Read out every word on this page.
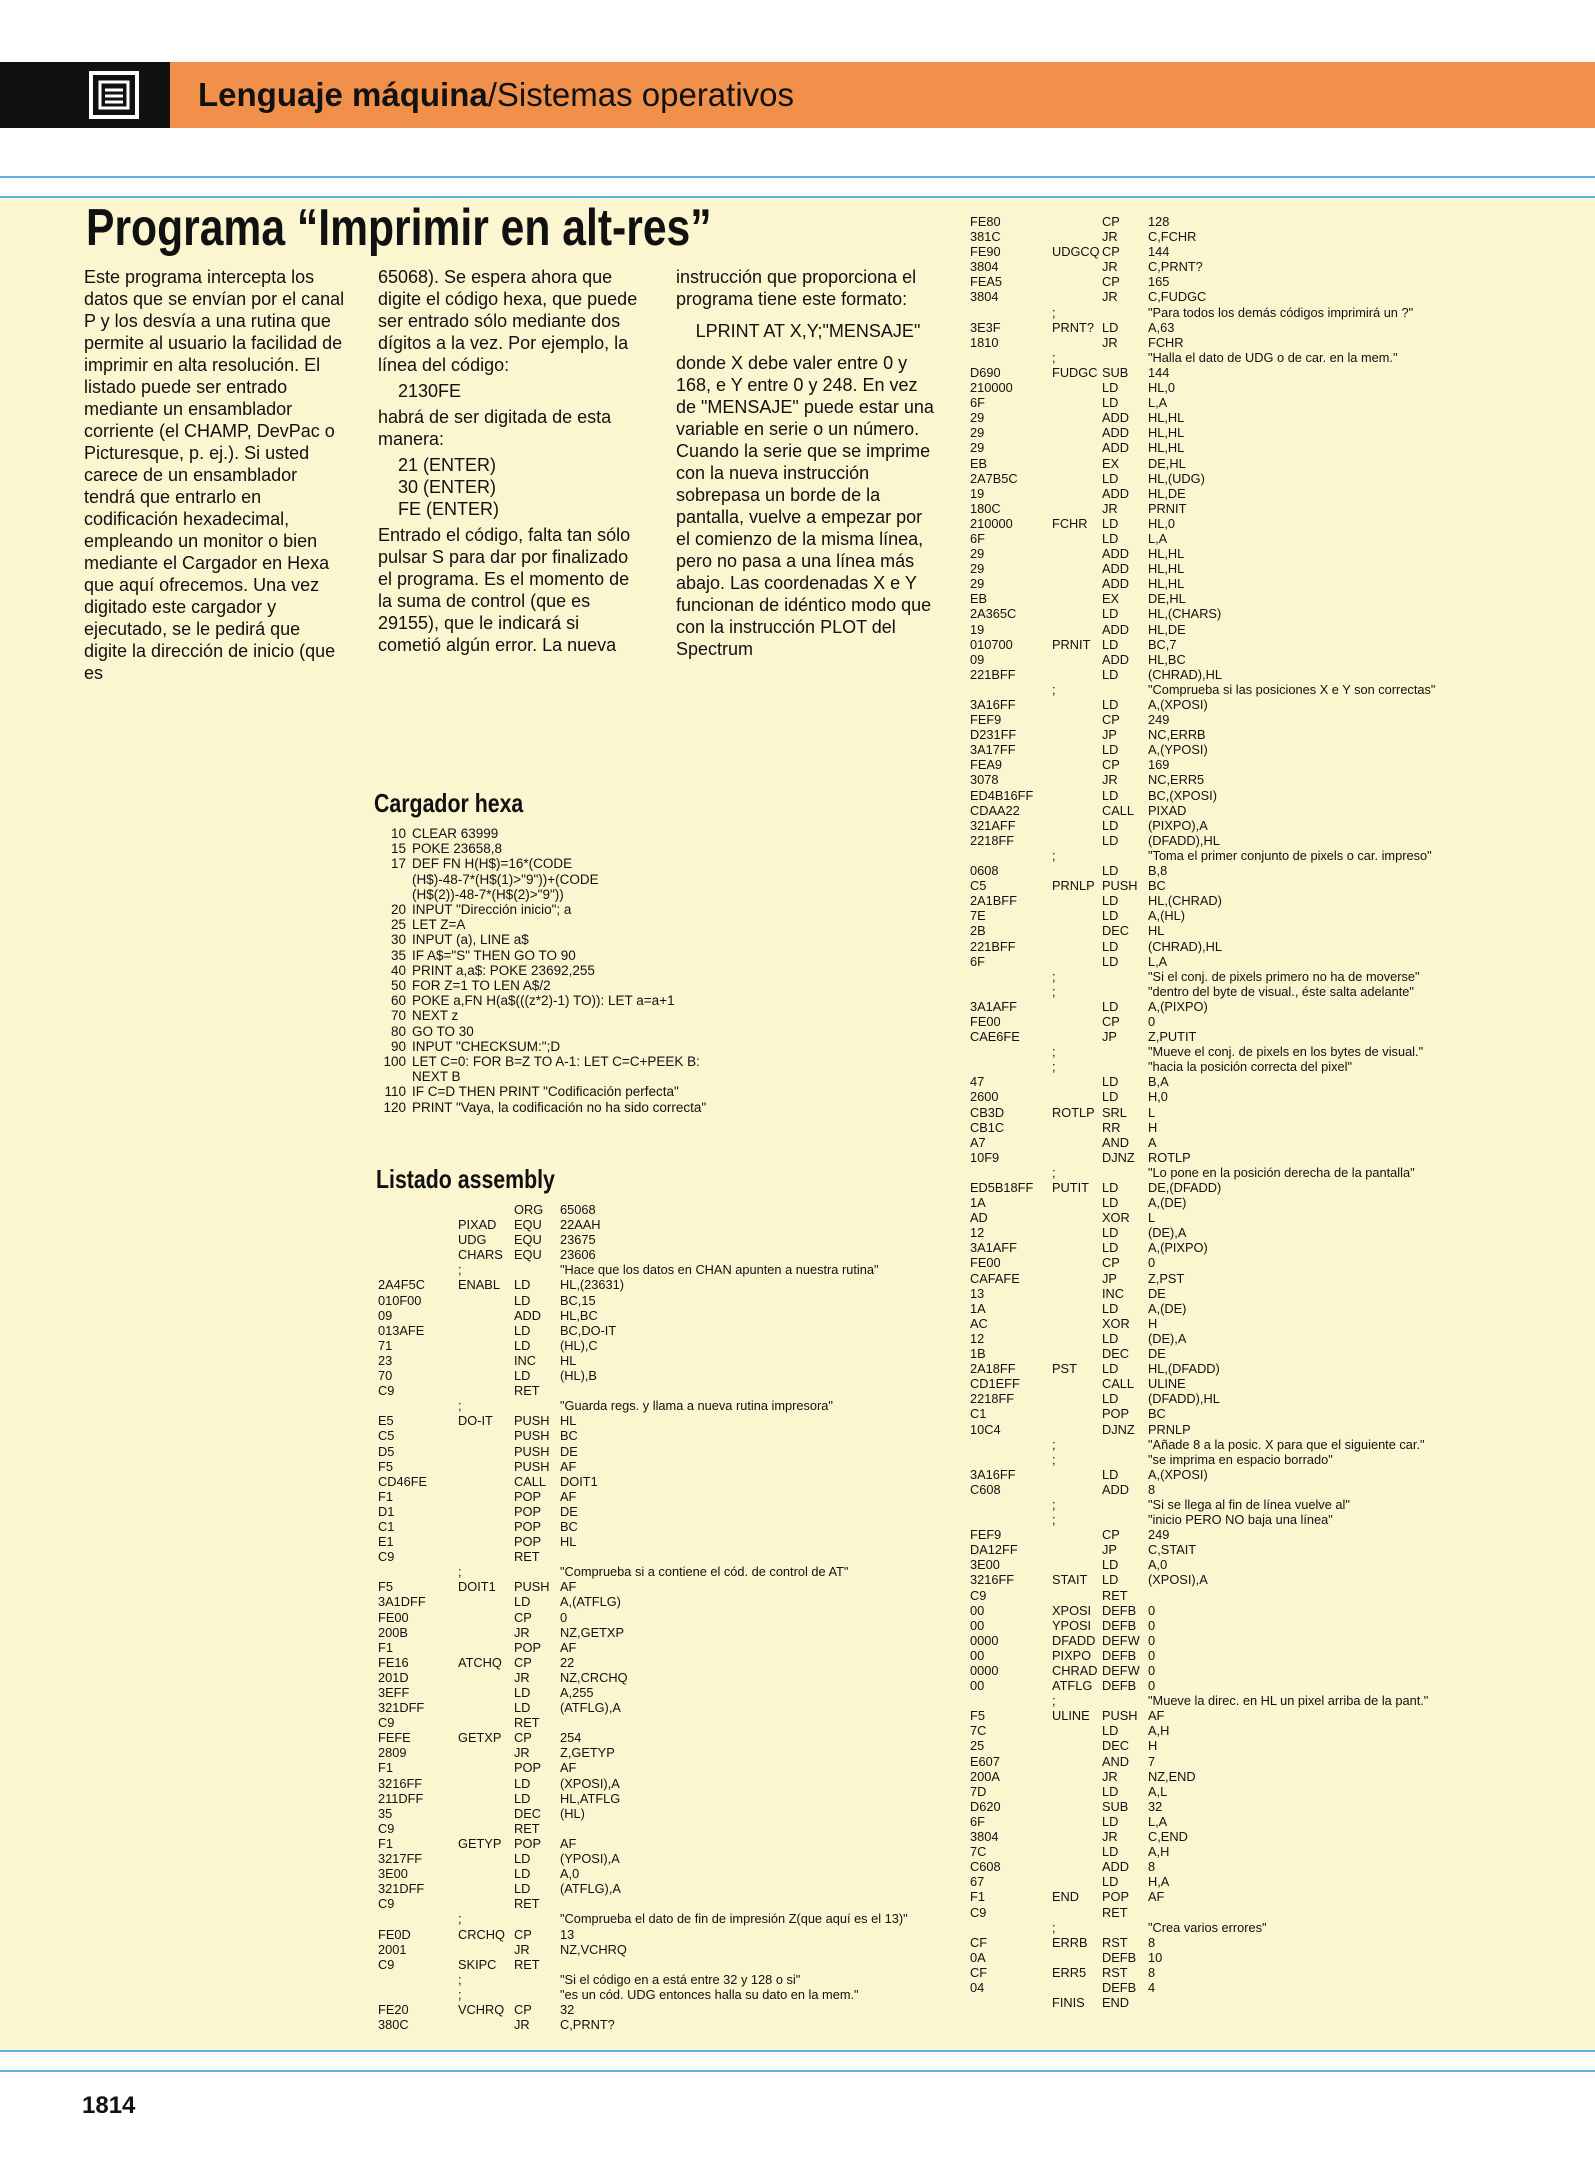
Lenguaje máquina/Sistemas operativos
Programa “Imprimir en alt-res”

Este programa intercepta los datos que se envían por el canal P y los desvía a una rutina que permite al usuario la facilidad de imprimir en alta resolución. El listado puede ser entrado mediante un ensamblador corriente (el CHAMP, DevPac o Picturesque, p. ej.). Si usted carece de un ensamblador tendrá que entrarlo en codificación hexadecimal, empleando un monitor o bien mediante el Cargador en Hexa que aquí ofrecemos. Una vez digitado este cargador y ejecutado, se le pedirá que digite la dirección de inicio (que es

65068). Se espera ahora que digite el código hexa, que puede ser entrado sólo mediante dos dígitos a la vez. Por ejemplo, la línea del código:

2130FE

habrá de ser digitada de esta manera:

21 (ENTER)

30 (ENTER)

FE (ENTER)

Entrado el código, falta tan sólo pulsar S para dar por finalizado el programa. Es el momento de la suma de control (que es 29155), que le indicará si cometió algún error. La nueva

instrucción que proporciona el programa tiene este formato:

LPRINT AT X,Y;"MENSAJE"

donde X debe valer entre 0 y 168, e Y entre 0 y 248. En vez de "MENSAJE" puede estar una variable en serie o un número. Cuando la serie que se imprime con la nueva instrucción sobrepasa un borde de la pantalla, vuelve a empezar por el comienzo de la misma línea, pero no pasa a una línea más abajo. Las coordenadas X e Y funcionan de idéntico modo que con la instrucción PLOT del Spectrum

Cargador hexa
10 CLEAR 63999
15 POKE 23658,8
17 DEF FN H(H$)=16*(CODE
(H$)-48-7*(H$(1)>"9"))+(CODE
(H$(2))-48-7*(H$(2)>"9"))
20 INPUT "Dirección inicio"; a
25 LET Z=A
30 INPUT (a), LINE a$
35 IF A$="S" THEN GO TO 90
40 PRINT a,a$: POKE 23692,255
50 FOR Z=1 TO LEN A$/2
60 POKE a,FN H(a$(((z*2)-1) TO)): LET a=a+1
70 NEXT z
80 GO TO 30
90 INPUT "CHECKSUM:";D
100 LET C=0: FOR B=Z TO A-1: LET C=C+PEEK B:
NEXT B
110 IF C=D THEN PRINT "Codificación perfecta"
120 PRINT "Vaya, la codificación no ha sido correcta"
Listado assembly
ORG 65068
PIXAD EQU 22AAH
UDG EQU 23675
CHARS EQU 23606
;	"Hace que los datos en CHAN apunten a nuestra rutina"
2A4F5C	ENABL LD HL,(23631)
010F00	LD BC,15
09	ADD HL,BC
013AFE	LD BC,DO-IT
71	LD (HL),C
23	INC HL
70	LD (HL),B
C9	RET
;	"Guarda regs. y llama a nueva rutina impresora"
E5	DO-IT PUSH HL
C5	PUSH BC
D5	PUSH DE
F5	PUSH AF
CD46FE	CALL DOIT1
F1	POP AF
D1	POP DE
C1	POP BC
E1	POP HL
C9	RET
;	"Comprueba si a contiene el cód. de control de AT"
F5	DOIT1 PUSH AF
3A1DFF	LD A,(ATFLG)
FE00	CP 0
200B	JR NZ,GETXP
F1	POP AF
FE16	ATCHQ CP 22
201D	JR NZ,CRCHQ
3EFF	LD A,255
321DFF	LD (ATFLG),A
C9	RET
FEFE	GETXP CP 254
2809	JR Z,GETYP
F1	POP AF
3216FF	LD (XPOSI),A
211DFF	LD HL,ATFLG
35	DEC (HL)
C9	RET
F1	GETYP POP AF
3217FF	LD (YPOSI),A
3E00	LD A,0
321DFF	LD (ATFLG),A
C9	RET
;	"Comprueba el dato de fin de impresión Z(que aquí es el 13)"
FE0D	CRCHQ CP 13
2001	JR NZ,VCHRQ
C9	SKIPC RET
;	"Si el código en a está entre 32 y 128 o si"
;	"es un cód. UDG entonces halla su dato en la mem."
FE20	VCHRQ CP 32
380C	JR C,PRNT?
FE80	CP 128
381C	JR C,FCHR
FE90	UDGCQ CP 144
3804	JR C,PRNT?
FEA5	CP 165
3804	JR C,FUDGC
;	"Para todos los demás códigos imprimirá un ?"
3E3F	PRNT? LD A,63
1810	JR FCHR
;	"Halla el dato de UDG o de car. en la mem."
D690	FUDGC SUB 144
210000	LD HL,0
6F	LD L,A
29	ADD HL,HL
29	ADD HL,HL
29	ADD HL,HL
EB	EX DE,HL
2A7B5C	LD HL,(UDG)
19	ADD HL,DE
180C	JR PRNIT
210000	FCHR LD HL,0
6F	LD L,A
29	ADD HL,HL
29	ADD HL,HL
29	ADD HL,HL
EB	EX DE,HL
2A365C	LD HL,(CHARS)
19	ADD HL,DE
010700	PRNIT LD BC,7
09	ADD HL,BC
221BFF	LD (CHRAD),HL
;	"Comprueba si las posiciones X e Y son correctas"
3A16FF	LD A,(XPOSI)
FEF9	CP 249
D231FF	JP NC,ERRB
3A17FF	LD A,(YPOSI)
FEA9	CP 169
3078	JR NC,ERR5
ED4B16FF	LD BC,(XPOSI)
CDAA22	CALL PIXAD
321AFF	LD (PIXPO),A
2218FF	LD (DFADD),HL
;	"Toma el primer conjunto de pixels o car. impreso"
0608	LD B,8
C5	PRNLP PUSH BC
2A1BFF	LD HL,(CHRAD)
7E	LD A,(HL)
2B	DEC HL
221BFF	LD (CHRAD),HL
6F	LD L,A
;	"Si el conj. de pixels primero no ha de moverse"
;	"dentro del byte de visual., éste salta adelante"
3A1AFF	LD A,(PIXPO)
FE00	CP 0
CAE6FE	JP Z,PUTIT
;	"Mueve el conj. de pixels en los bytes de visual."
;	"hacia la posición correcta del pixel"
47	LD B,A
2600	LD H,0
CB3D	ROTLP SRL L
CB1C	RR H
A7	AND A
10F9	DJNZ ROTLP
;	"Lo pone en la posición derecha de la pantalla"
ED5B18FF PUTIT LD DE,(DFADD)
1A	LD A,(DE)
AD	XOR L
12	LD (DE),A
3A1AFF	LD A,(PIXPO)
FE00	CP 0
CAFAFE	JP Z,PST
13	INC DE
1A	LD A,(DE)
AC	XOR H
12	LD (DE),A
1B	DEC DE
2A18FF	PST LD HL,(DFADD)
CD1EFF	CALL ULINE
2218FF	LD (DFADD),HL
C1	POP BC
10C4	DJNZ PRNLP
;	"Añade 8 a la posic. X para que el siguiente car."
;	"se imprima en espacio borrado"
3A16FF	LD A,(XPOSI)
C608	ADD 8
;	"Si se llega al fin de línea vuelve al"
;	"inicio PERO NO baja una línea"
FEF9	CP 249
DA12FF	JP C,STAIT
3E00	LD A,0
3216FF	STAIT LD (XPOSI),A
C9	RET
00	XPOSI DEFB 0
00	YPOSI DEFB 0
0000	DFADD DEFW 0
00	PIXPO DEFB 0
0000	CHRAD DEFW 0
00	ATFLG DEFB 0
;	"Mueve la direc. en HL un pixel arriba de la pant."
F5	ULINE PUSH AF
7C	LD A,H
25	DEC H
E607	AND 7
200A	JR NZ,END
7D	LD A,L
D620	SUB 32
6F	LD L,A
3804	JR C,END
7C	LD A,H
C608	ADD 8
67	LD H,A
F1	END POP AF
C9	RET
;	"Crea varios errores"
CF	ERRB RST 8
0A	DEFB 10
CF	ERR5 RST 8
04	DEFB 4
FINIS END
1814
